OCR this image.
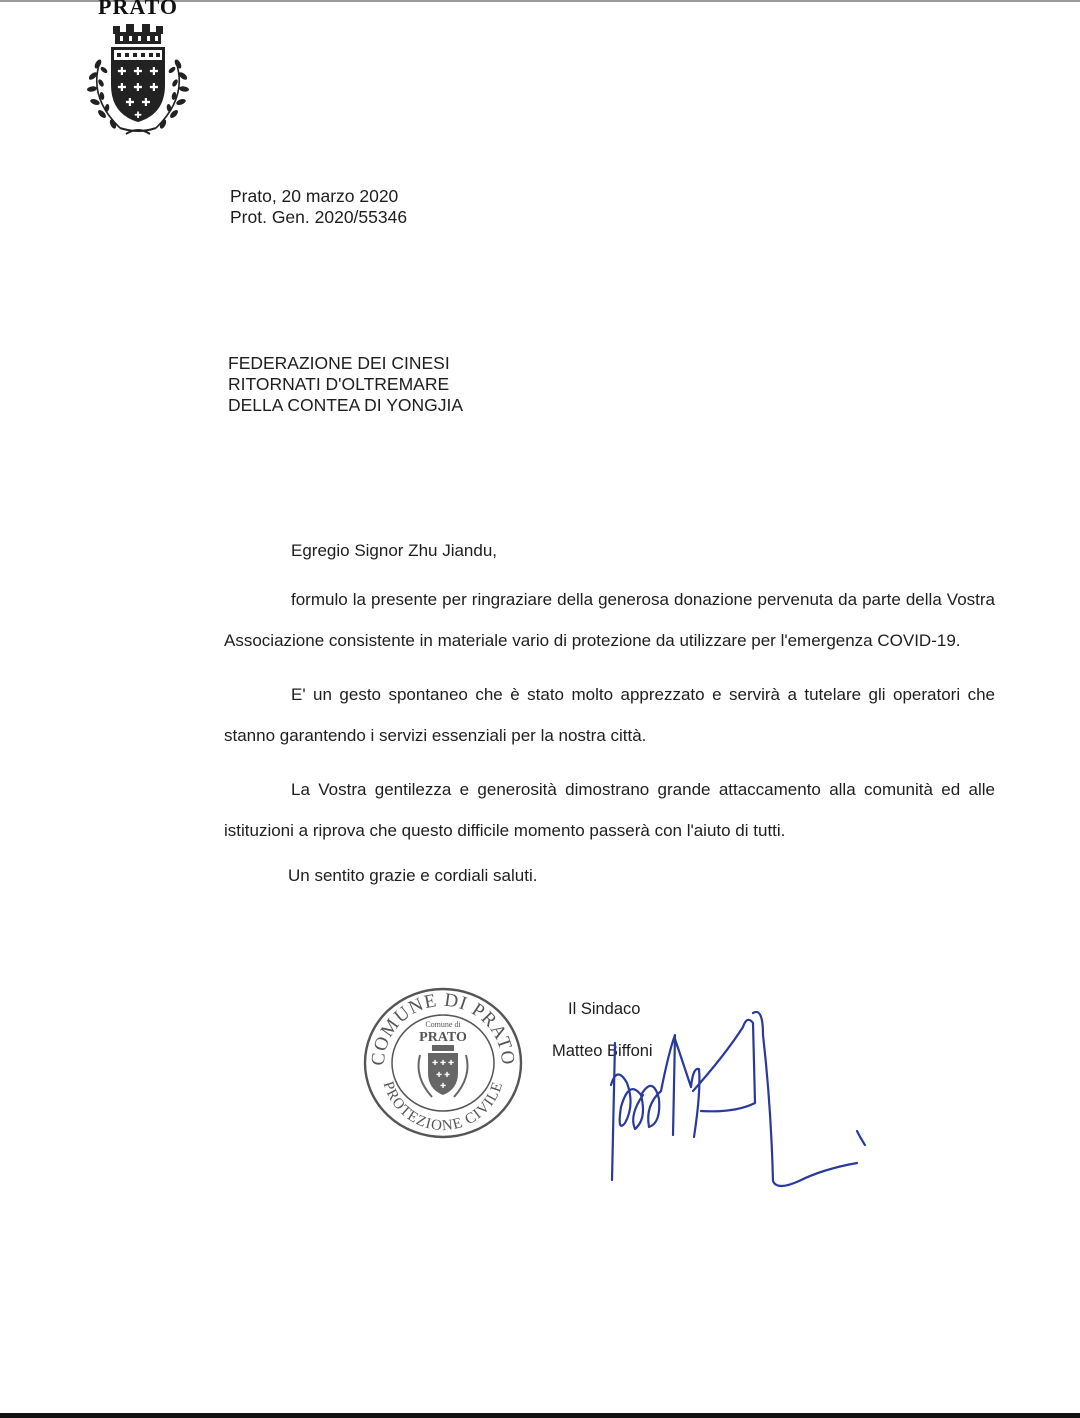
PRATO
✚ ✚ ✚
✚ ✚ ✚
✚ ✚
✚
Prato, 20 marzo 2020
Prot. Gen. 2020/55346
FEDERAZIONE DEI CINESI
RITORNATI D'OLTREMARE
DELLA CONTEA DI YONGJIA

Egregio Signor Zhu Jiandu,

formulo la presente per ringraziare della generosa donazione pervenuta da parte della Vostra Associazione consistente in materiale vario di protezione da utilizzare per l'emergenza COVID-19.

E' un gesto spontaneo che è stato molto apprezzato e servirà a tutelare gli operatori che stanno garantendo i servizi essenziali per la nostra città.

La Vostra gentilezza e generosità dimostrano grande attaccamento alla comunità ed alle istituzioni a riprova che questo difficile momento passerà con l'aiuto di tutti.

Un sentito grazie e cordiali saluti.

COMUNE DI PRATO
PROTEZIONE CIVILE
Comune di
PRATO
✚ ✚ ✚
✚ ✚
✚
Il Sindaco
Matteo Biffoni
